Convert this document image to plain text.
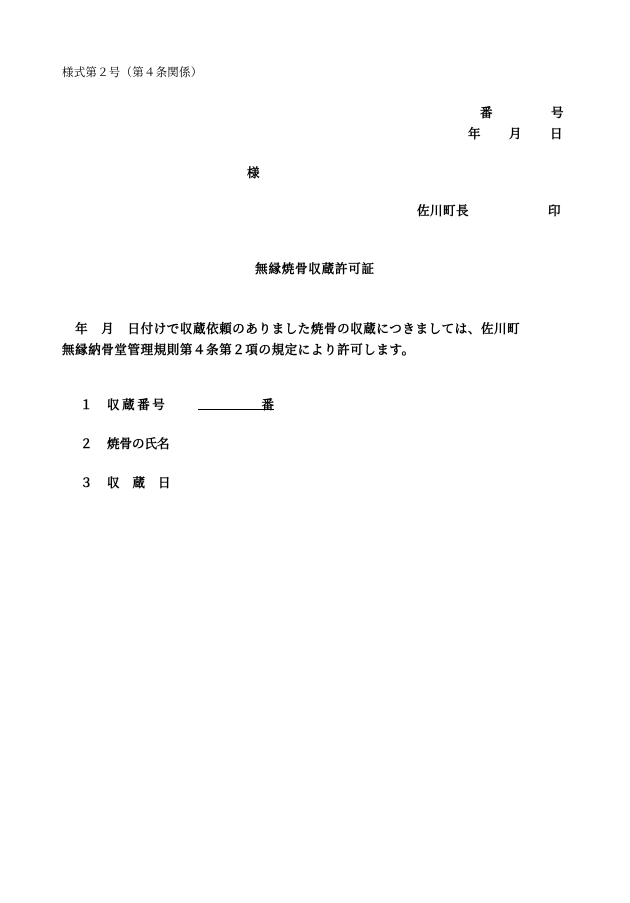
様式第２号（第４条関係）
番	号
年 月 日
様
佐川町長	印
無縁焼骨収蔵許可証
　年　月　日付けで収蔵依頼のありました焼骨の収蔵につきましては、佐川町
無縁納骨堂管理規則第４条第２項の規定により許可します。
１ 収蔵番号	番
２ 焼骨の氏名
３ 収蔵日
